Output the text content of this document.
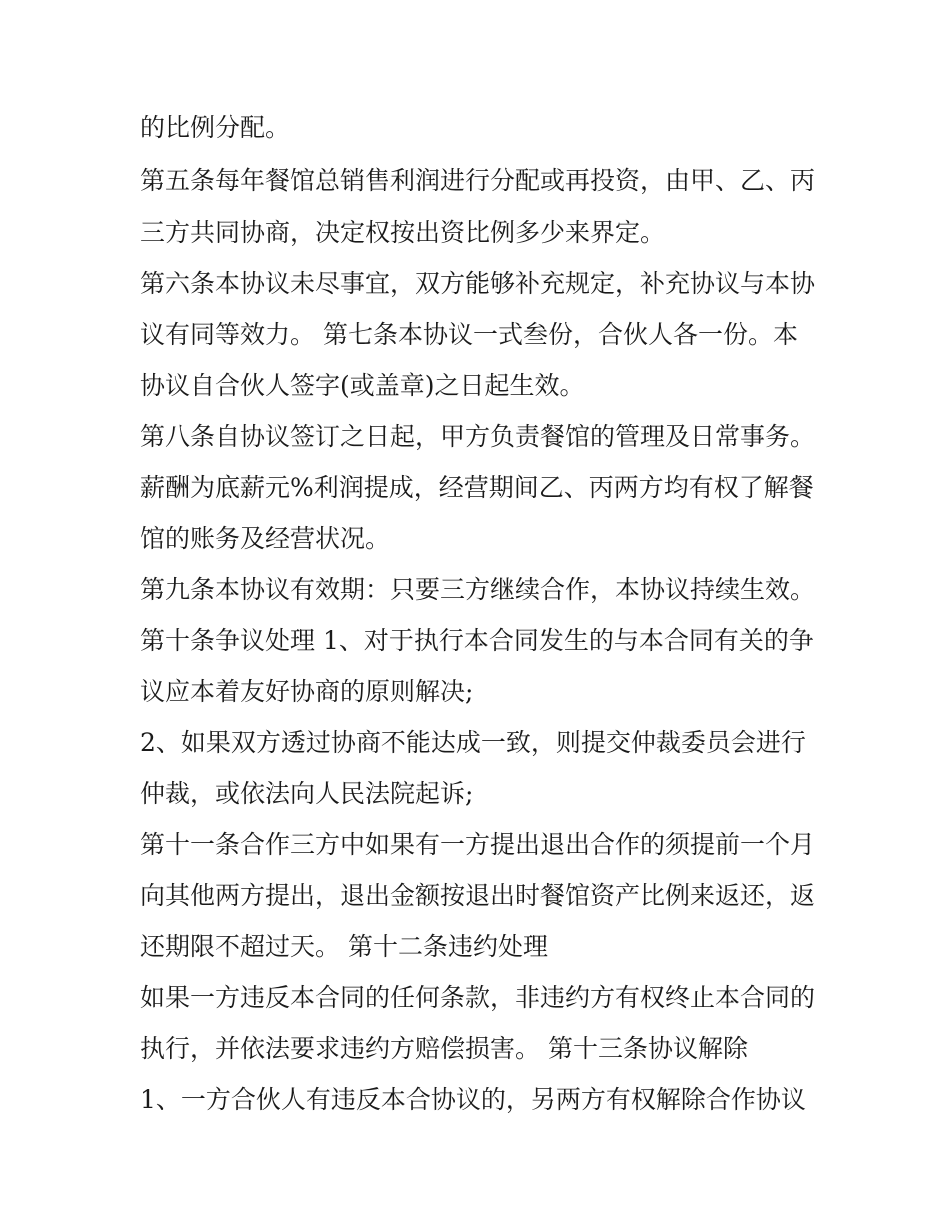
的比例分配。

第五条每年餐馆总销售利润进行分配或再投资，由甲、乙、丙

三方共同协商，决定权按出资比例多少来界定。

第六条本协议未尽事宜，双方能够补充规定，补充协议与本协

议有同等效力。 第七条本协议一式叁份，合伙人各一份。本

协议自合伙人签字(或盖章)之日起生效。

第八条自协议签订之日起，甲方负责餐馆的管理及日常事务。

薪酬为底薪元%利润提成，经营期间乙、丙两方均有权了解餐

馆的账务及经营状况。

第九条本协议有效期：只要三方继续合作，本协议持续生效。

第十条争议处理 1、对于执行本合同发生的与本合同有关的争

议应本着友好协商的原则解决;

2、如果双方透过协商不能达成一致，则提交仲裁委员会进行

仲裁，或依法向人民法院起诉;

第十一条合作三方中如果有一方提出退出合作的须提前一个月

向其他两方提出，退出金额按退出时餐馆资产比例来返还，返

还期限不超过天。 第十二条违约处理

如果一方违反本合同的任何条款，非违约方有权终止本合同的

执行，并依法要求违约方赔偿损害。 第十三条协议解除

1、一方合伙人有违反本合协议的，另两方有权解除合作协议
